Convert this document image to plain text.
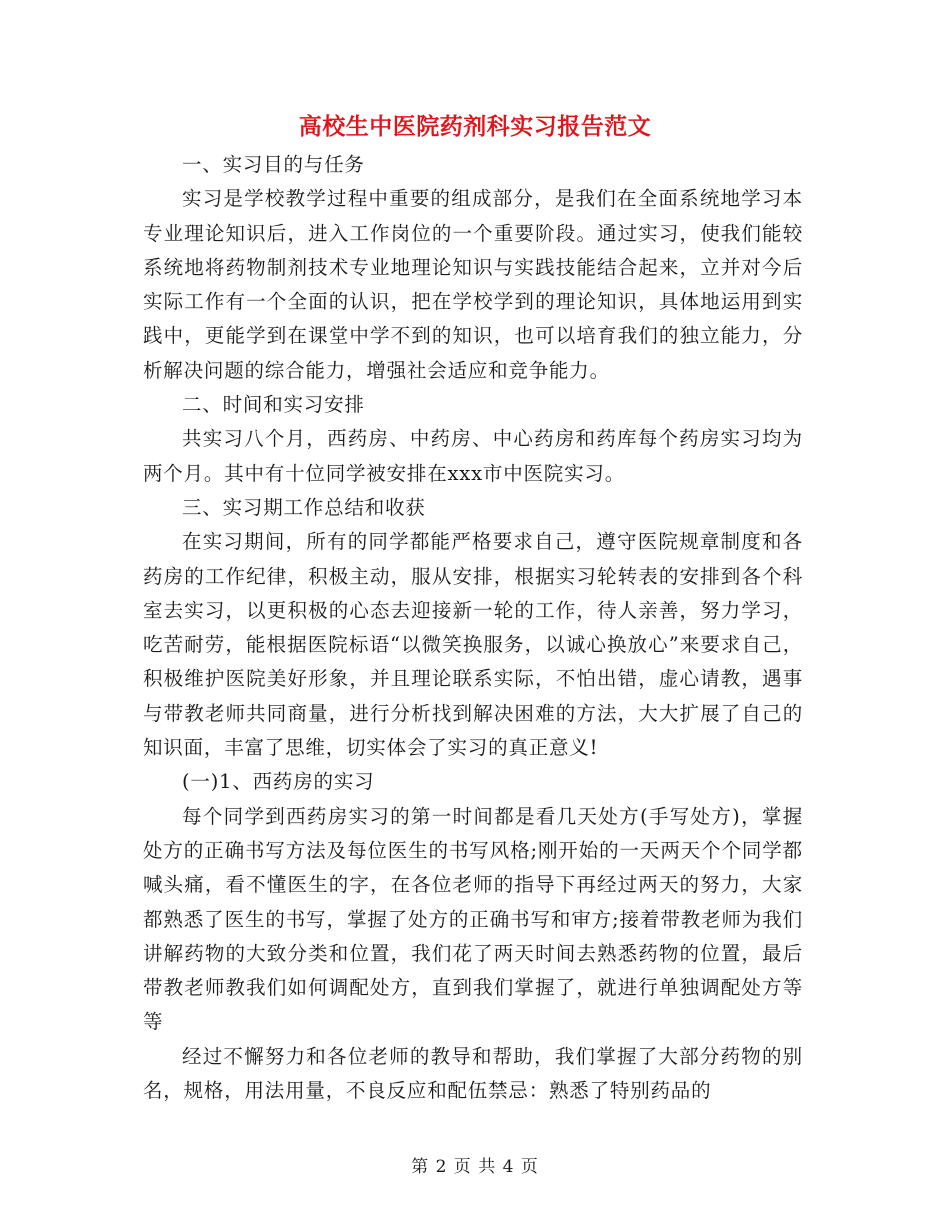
高校生中医院药剂科实习报告范文

一、实习目的与任务

实习是学校教学过程中重要的组成部分，是我们在全面系统地学习本专业理论知识后，进入工作岗位的一个重要阶段。通过实习，使我们能较系统地将药物制剂技术专业地理论知识与实践技能结合起来，立并对今后实际工作有一个全面的认识，把在学校学到的理论知识，具体地运用到实践中，更能学到在课堂中学不到的知识，也可以培育我们的独立能力，分析解决问题的综合能力，增强社会适应和竞争能力。

二、时间和实习安排

共实习八个月，西药房、中药房、中心药房和药库每个药房实习均为两个月。其中有十位同学被安排在xxx市中医院实习。

三、实习期工作总结和收获

在实习期间，所有的同学都能严格要求自己，遵守医院规章制度和各药房的工作纪律，积极主动，服从安排，根据实习轮转表的安排到各个科室去实习，以更积极的心态去迎接新一轮的工作，待人亲善，努力学习，吃苦耐劳，能根据医院标语“以微笑换服务，以诚心换放心”来要求自己，积极维护医院美好形象，并且理论联系实际，不怕出错，虚心请教，遇事与带教老师共同商量，进行分析找到解决困难的方法，大大扩展了自己的知识面，丰富了思维，切实体会了实习的真正意义!

(一)1、西药房的实习

每个同学到西药房实习的第一时间都是看几天处方(手写处方)，掌握处方的正确书写方法及每位医生的书写风格;刚开始的一天两天个个同学都喊头痛，看不懂医生的字，在各位老师的指导下再经过两天的努力，大家都熟悉了医生的书写，掌握了处方的正确书写和审方;接着带教老师为我们讲解药物的大致分类和位置，我们花了两天时间去熟悉药物的位置，最后带教老师教我们如何调配处方，直到我们掌握了，就进行单独调配处方等等

经过不懈努力和各位老师的教导和帮助，我们掌握了大部分药物的别名，规格，用法用量，不良反应和配伍禁忌：熟悉了特别药品的

第 2 页 共 4 页
